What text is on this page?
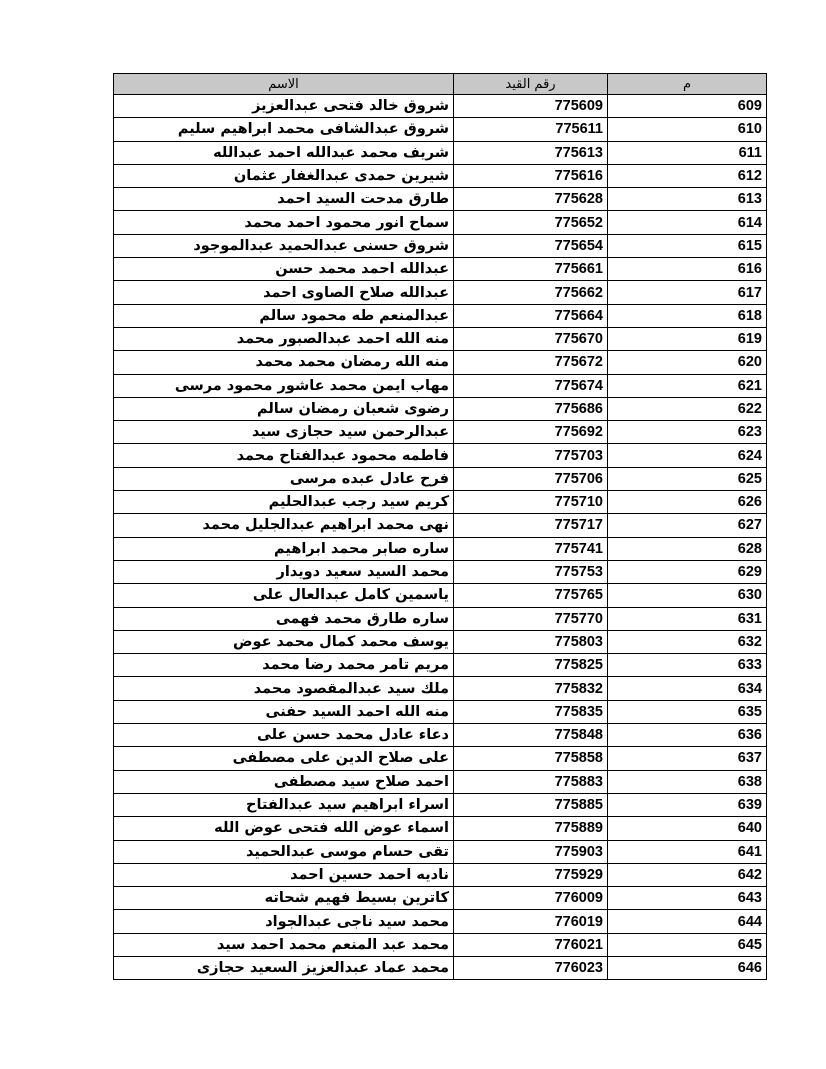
الاسم	رقم القيد	م
شروق خالد فتحى عبدالعزيز	775609	609
شروق عبدالشافى محمد ابراهيم سليم	775611	610
شريف محمد عبدالله احمد عبدالله	775613	611
شيرين حمدى عبدالغفار عثمان	775616	612
طارق مدحت السيد احمد	775628	613
سماح انور محمود احمد محمد	775652	614
شروق حسنى عبدالحميد عبدالموجود	775654	615
عبدالله احمد محمد حسن	775661	616
عبدالله صلاح الصاوى احمد	775662	617
عبدالمنعم طه محمود سالم	775664	618
منه الله احمد عبدالصبور محمد	775670	619
منه الله رمضان محمد محمد	775672	620
مهاب ايمن محمد عاشور محمود مرسى	775674	621
رضوى شعبان رمضان سالم	775686	622
عبدالرحمن سيد حجازى سيد	775692	623
فاطمه محمود عبدالفتاح محمد	775703	624
فرح عادل عبده مرسى	775706	625
كريم سيد رجب عبدالحليم	775710	626
نهى محمد ابراهيم عبدالجليل محمد	775717	627
ساره صابر محمد ابراهيم	775741	628
محمد السيد سعيد دويدار	775753	629
ياسمين كامل عبدالعال على	775765	630
ساره طارق محمد فهمى	775770	631
يوسف محمد كمال محمد عوض	775803	632
مريم تامر محمد رضا محمد	775825	633
ملك سيد عبدالمقصود محمد	775832	634
منه الله احمد السيد حفنى	775835	635
دعاء عادل محمد حسن على	775848	636
على صلاح الدين على مصطفى	775858	637
احمد صلاح سيد مصطفى	775883	638
اسراء ابراهيم سيد عبدالفتاح	775885	639
اسماء عوض الله فتحى عوض الله	775889	640
تقى حسام موسى عبدالحميد	775903	641
ناديه احمد حسين احمد	775929	642
كاترين بسيط فهيم شحاته	776009	643
محمد سيد ناجى عبدالجواد	776019	644
محمد عبد المنعم محمد احمد سيد	776021	645
محمد عماد عبدالعزيز السعيد حجازى	776023	646
